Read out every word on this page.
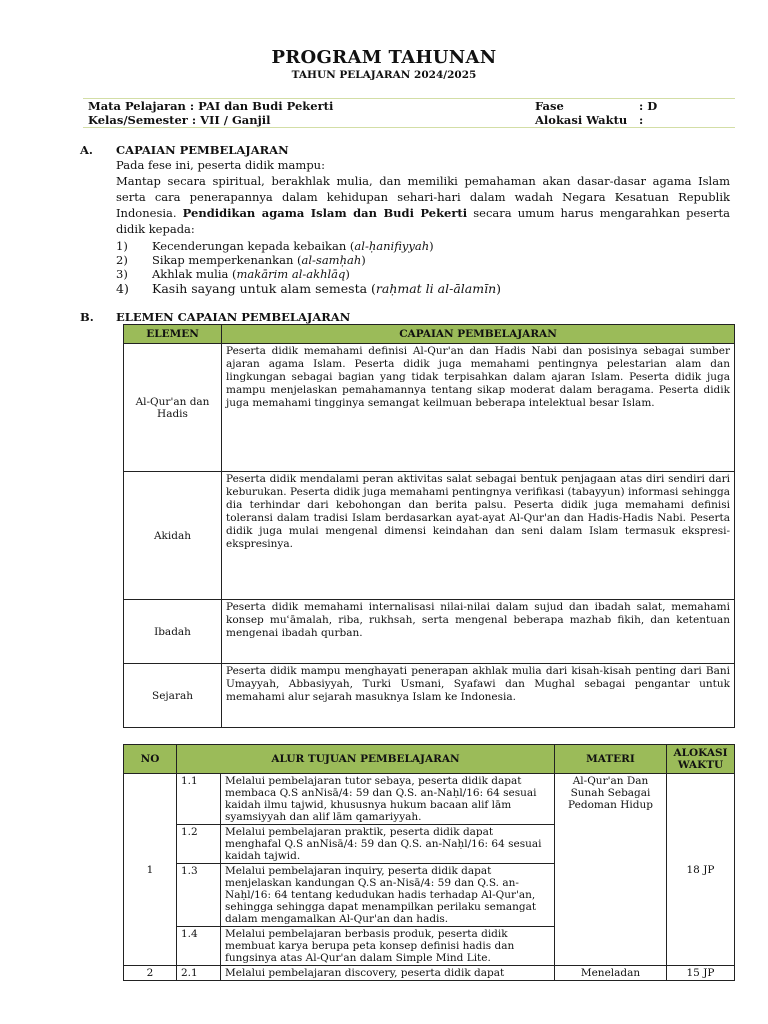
PROGRAM TAHUNAN
TAHUN PELAJARAN 2024/2025
Mata Pelajaran : PAI dan Budi Pekerti	Fase	: D
Kelas/Semester : VII / Ganjil	Alokasi Waktu	:
A. CAPAIAN PEMBELAJARAN
Pada fese ini, peserta didik mampu:
Mantap secara spiritual, berakhlak mulia, dan memiliki pemahaman akan dasar-dasar agama Islam serta cara penerapannya dalam kehidupan sehari-hari dalam wadah Negara Kesatuan Republik Indonesia. Pendidikan agama Islam dan Budi Pekerti secara umum harus mengarahkan peserta didik kepada:
1) Kecenderungan kepada kebaikan (al-ḥanifiyyah)
2) Sikap memperkenankan (al-samḥah)
3) Akhlak mulia (makārim al-akhlāq)
4) Kasih sayang untuk alam semesta (raḥmat li al-ālamīn)
B. ELEMEN CAPAIAN PEMBELAJARAN
ELEMEN	CAPAIAN PEMBELAJARAN
Al-Qur'an dan Hadis	Peserta didik memahami definisi Al-Qur'an dan Hadis Nabi dan posisinya sebagai sumber ajaran agama Islam. Peserta didik juga memahami pentingnya pelestarian alam dan lingkungan sebagai bagian yang tidak terpisahkan dalam ajaran Islam. Peserta didik juga mampu menjelaskan pemahamannya tentang sikap moderat dalam beragama. Peserta didik juga memahami tingginya semangat keilmuan beberapa intelektual besar Islam.
Akidah	Peserta didik mendalami peran aktivitas salat sebagai bentuk penjagaan atas diri sendiri dari keburukan. Peserta didik juga memahami pentingnya verifikasi (tabayyun) informasi sehingga dia terhindar dari kebohongan dan berita palsu. Peserta didik juga memahami definisi toleransi dalam tradisi Islam berdasarkan ayat-ayat Al-Qur'an dan Hadis-Hadis Nabi. Peserta didik juga mulai mengenal dimensi keindahan dan seni dalam Islam termasuk ekspresi-ekspresinya.
Ibadah	Peserta didik memahami internalisasi nilai-nilai dalam sujud dan ibadah salat, memahami konsep muʿāmalah, riba, rukhsah, serta mengenal beberapa mazhab fikih, dan ketentuan mengenai ibadah qurban.
Sejarah	Peserta didik mampu menghayati penerapan akhlak mulia dari kisah-kisah penting dari Bani Umayyah, Abbasiyyah, Turki Usmani, Syafawi dan Mughal sebagai pengantar untuk memahami alur sejarah masuknya Islam ke Indonesia.
NO	ALUR TUJUAN PEMBELAJARAN		MATERI	ALOKASI WAKTU
1	1.1	Melalui pembelajaran tutor sebaya, peserta didik dapat membaca Q.S anNisā/4: 59 dan Q.S. an-Naḥl/16: 64 sesuai kaidah ilmu tajwid, khususnya hukum bacaan alif lām syamsiyyah dan alif lām qamariyyah.	Al-Qur'an Dan Sunah Sebagai Pedoman Hidup	18 JP
	1.2	Melalui pembelajaran praktik, peserta didik dapat menghafal Q.S anNisā/4: 59 dan Q.S. an-Naḥl/16: 64 sesuai kaidah tajwid.		
	1.3	Melalui pembelajaran inquiry, peserta didik dapat menjelaskan kandungan Q.S an-Nisā/4: 59 dan Q.S. an-Naḥl/16: 64 tentang kedudukan hadis terhadap Al-Qur'an, sehingga sehingga dapat menampilkan perilaku semangat dalam mengamalkan Al-Qur'an dan hadis.		
	1.4	Melalui pembelajaran berbasis produk, peserta didik membuat karya berupa peta konsep definisi hadis dan fungsinya atas Al-Qur'an dalam Simple Mind Lite.		
2	2.1	Melalui pembelajaran discovery, peserta didik dapat	Meneladan	15 JP
